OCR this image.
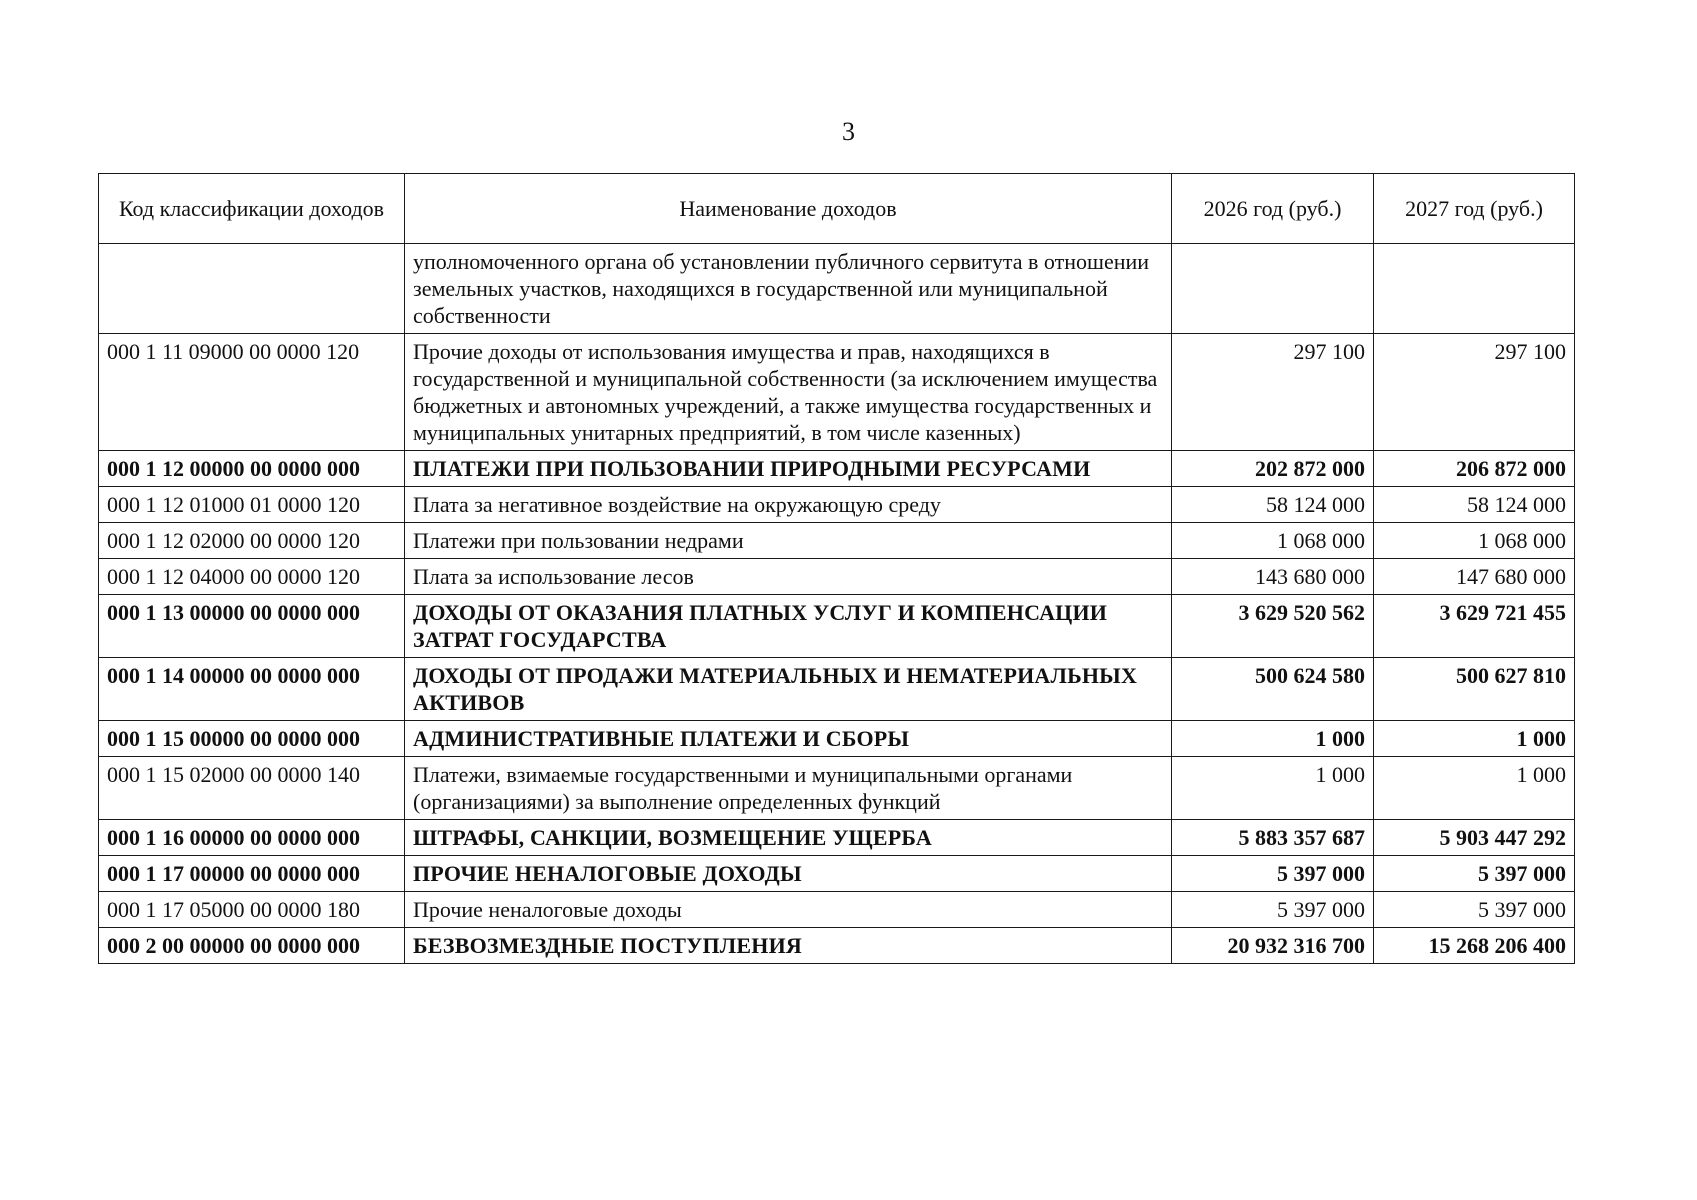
3
Код классификации доходов	Наименование доходов	2026 год (руб.)	2027 год (руб.)
	уполномоченного органа об установлении публичного сервитута в отношении земельных участков, находящихся в государственной или муниципальной собственности		
000 1 11 09000 00 0000 120	Прочие доходы от использования имущества и прав, находящихся в государственной и муниципальной собственности (за исключением имущества бюджетных и автономных учреждений, а также имущества государственных и муниципальных унитарных предприятий, в том числе казенных)	297 100	297 100
000 1 12 00000 00 0000 000	ПЛАТЕЖИ ПРИ ПОЛЬЗОВАНИИ ПРИРОДНЫМИ РЕСУРСАМИ	202 872 000	206 872 000
000 1 12 01000 01 0000 120	Плата за негативное воздействие на окружающую среду	58 124 000	58 124 000
000 1 12 02000 00 0000 120	Платежи при пользовании недрами	1 068 000	1 068 000
000 1 12 04000 00 0000 120	Плата за использование лесов	143 680 000	147 680 000
000 1 13 00000 00 0000 000	ДОХОДЫ ОТ ОКАЗАНИЯ ПЛАТНЫХ УСЛУГ И КОМПЕНСАЦИИ ЗАТРАТ ГОСУДАРСТВА	3 629 520 562	3 629 721 455
000 1 14 00000 00 0000 000	ДОХОДЫ ОТ ПРОДАЖИ МАТЕРИАЛЬНЫХ И НЕМАТЕРИАЛЬНЫХ АКТИВОВ	500 624 580	500 627 810
000 1 15 00000 00 0000 000	АДМИНИСТРАТИВНЫЕ ПЛАТЕЖИ И СБОРЫ	1 000	1 000
000 1 15 02000 00 0000 140	Платежи, взимаемые государственными и муниципальными органами (организациями) за выполнение определенных функций	1 000	1 000
000 1 16 00000 00 0000 000	ШТРАФЫ, САНКЦИИ, ВОЗМЕЩЕНИЕ УЩЕРБА	5 883 357 687	5 903 447 292
000 1 17 00000 00 0000 000	ПРОЧИЕ НЕНАЛОГОВЫЕ ДОХОДЫ	5 397 000	5 397 000
000 1 17 05000 00 0000 180	Прочие неналоговые доходы	5 397 000	5 397 000
000 2 00 00000 00 0000 000	БЕЗВОЗМЕЗДНЫЕ ПОСТУПЛЕНИЯ	20 932 316 700	15 268 206 400
